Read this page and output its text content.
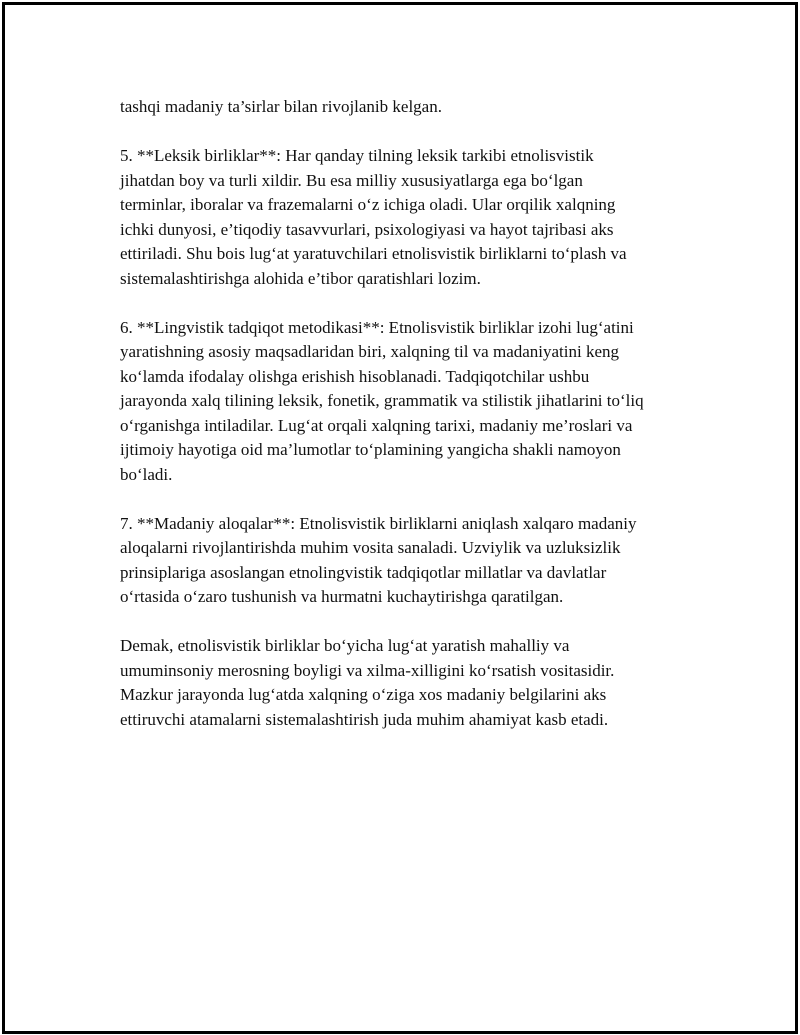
tashqi madaniy ta’sirlar bilan rivojlanib kelgan.

5. **Leksik birliklar**: Har qanday tilning leksik tarkibi etnolisvistik
jihatdan boy va turli xildir. Bu esa milliy xususiyatlarga ega bo‘lgan
terminlar, iboralar va frazemalarni o‘z ichiga oladi. Ular orqilik xalqning
ichki dunyosi, e’tiqodiy tasavvurlari, psixologiyasi va hayot tajribasi aks
ettiriladi. Shu bois lug‘at yaratuvchilari etnolisvistik birliklarni to‘plash va
sistemalashtirishga alohida e’tibor qaratishlari lozim.

6. **Lingvistik tadqiqot metodikasi**: Etnolisvistik birliklar izohi lug‘atini
yaratishning asosiy maqsadlaridan biri, xalqning til va madaniyatini keng
ko‘lamda ifodalay olishga erishish hisoblanadi. Tadqiqotchilar ushbu
jarayonda xalq tilining leksik, fonetik, grammatik va stilistik jihatlarini to‘liq
o‘rganishga intiladilar. Lug‘at orqali xalqning tarixi, madaniy me’roslari va
ijtimoiy hayotiga oid ma’lumotlar to‘plamining yangicha shakli namoyon
bo‘ladi.

7. **Madaniy aloqalar**: Etnolisvistik birliklarni aniqlash xalqaro madaniy
aloqalarni rivojlantirishda muhim vosita sanaladi. Uzviylik va uzluksizlik
prinsiplariga asoslangan etnolingvistik tadqiqotlar millatlar va davlatlar
o‘rtasida o‘zaro tushunish va hurmatni kuchaytirishga qaratilgan.

Demak, etnolisvistik birliklar bo‘yicha lug‘at yaratish mahalliy va
umuminsoniy merosning boyligi va xilma-xilligini ko‘rsatish vositasidir.
Mazkur jarayonda lug‘atda xalqning o‘ziga xos madaniy belgilarini aks
ettiruvchi atamalarni sistemalashtirish juda muhim ahamiyat kasb etadi.
